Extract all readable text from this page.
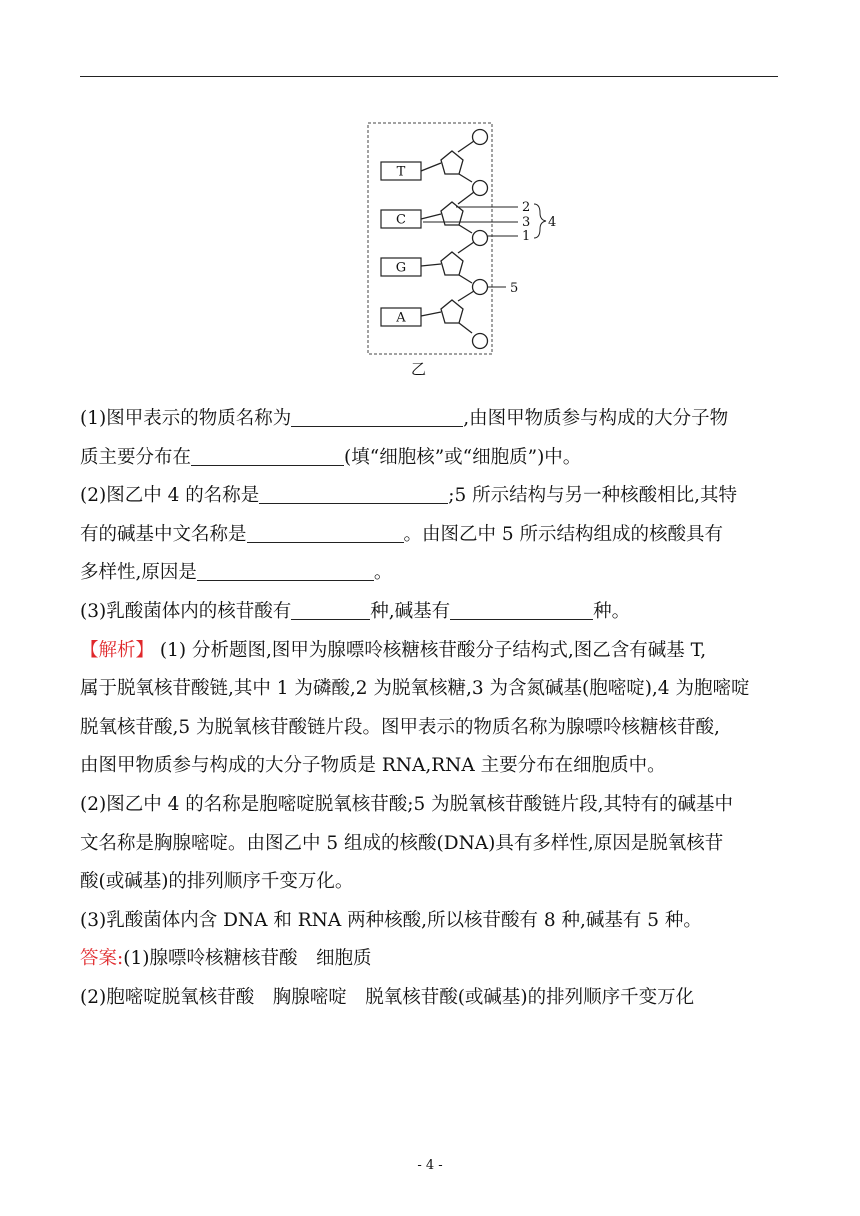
T
C
G
A
2
3
1
4
5
乙

(1)图甲表示的物质名称为	,由图甲物质参与构成的大分子物

质主要分布在	(填“细胞核”或“细胞质”)中。

(2)图乙中 4 的名称是	;5 所示结构与另一种核酸相比,其特

有的碱基中文名称是	。由图乙中 5 所示结构组成的核酸具有

多样性,原因是	。

(3)乳酸菌体内的核苷酸有	种,碱基有	种。

【解析】 (1) 分析题图,图甲为腺嘌呤核糖核苷酸分子结构式,图乙含有碱基 T,

属于脱氧核苷酸链,其中 1 为磷酸,2 为脱氧核糖,3 为含氮碱基(胞嘧啶),4 为胞嘧啶

脱氧核苷酸,5 为脱氧核苷酸链片段。图甲表示的物质名称为腺嘌呤核糖核苷酸,

由图甲物质参与构成的大分子物质是 RNA,RNA 主要分布在细胞质中。

(2)图乙中 4 的名称是胞嘧啶脱氧核苷酸;5 为脱氧核苷酸链片段,其特有的碱基中

文名称是胸腺嘧啶。由图乙中 5 组成的核酸(DNA)具有多样性,原因是脱氧核苷

酸(或碱基)的排列顺序千变万化。

(3)乳酸菌体内含 DNA 和 RNA 两种核酸,所以核苷酸有 8 种,碱基有 5 种。

答案:(1)腺嘌呤核糖核苷酸　细胞质

(2)胞嘧啶脱氧核苷酸　胸腺嘧啶　脱氧核苷酸(或碱基)的排列顺序千变万化

- 4 -
